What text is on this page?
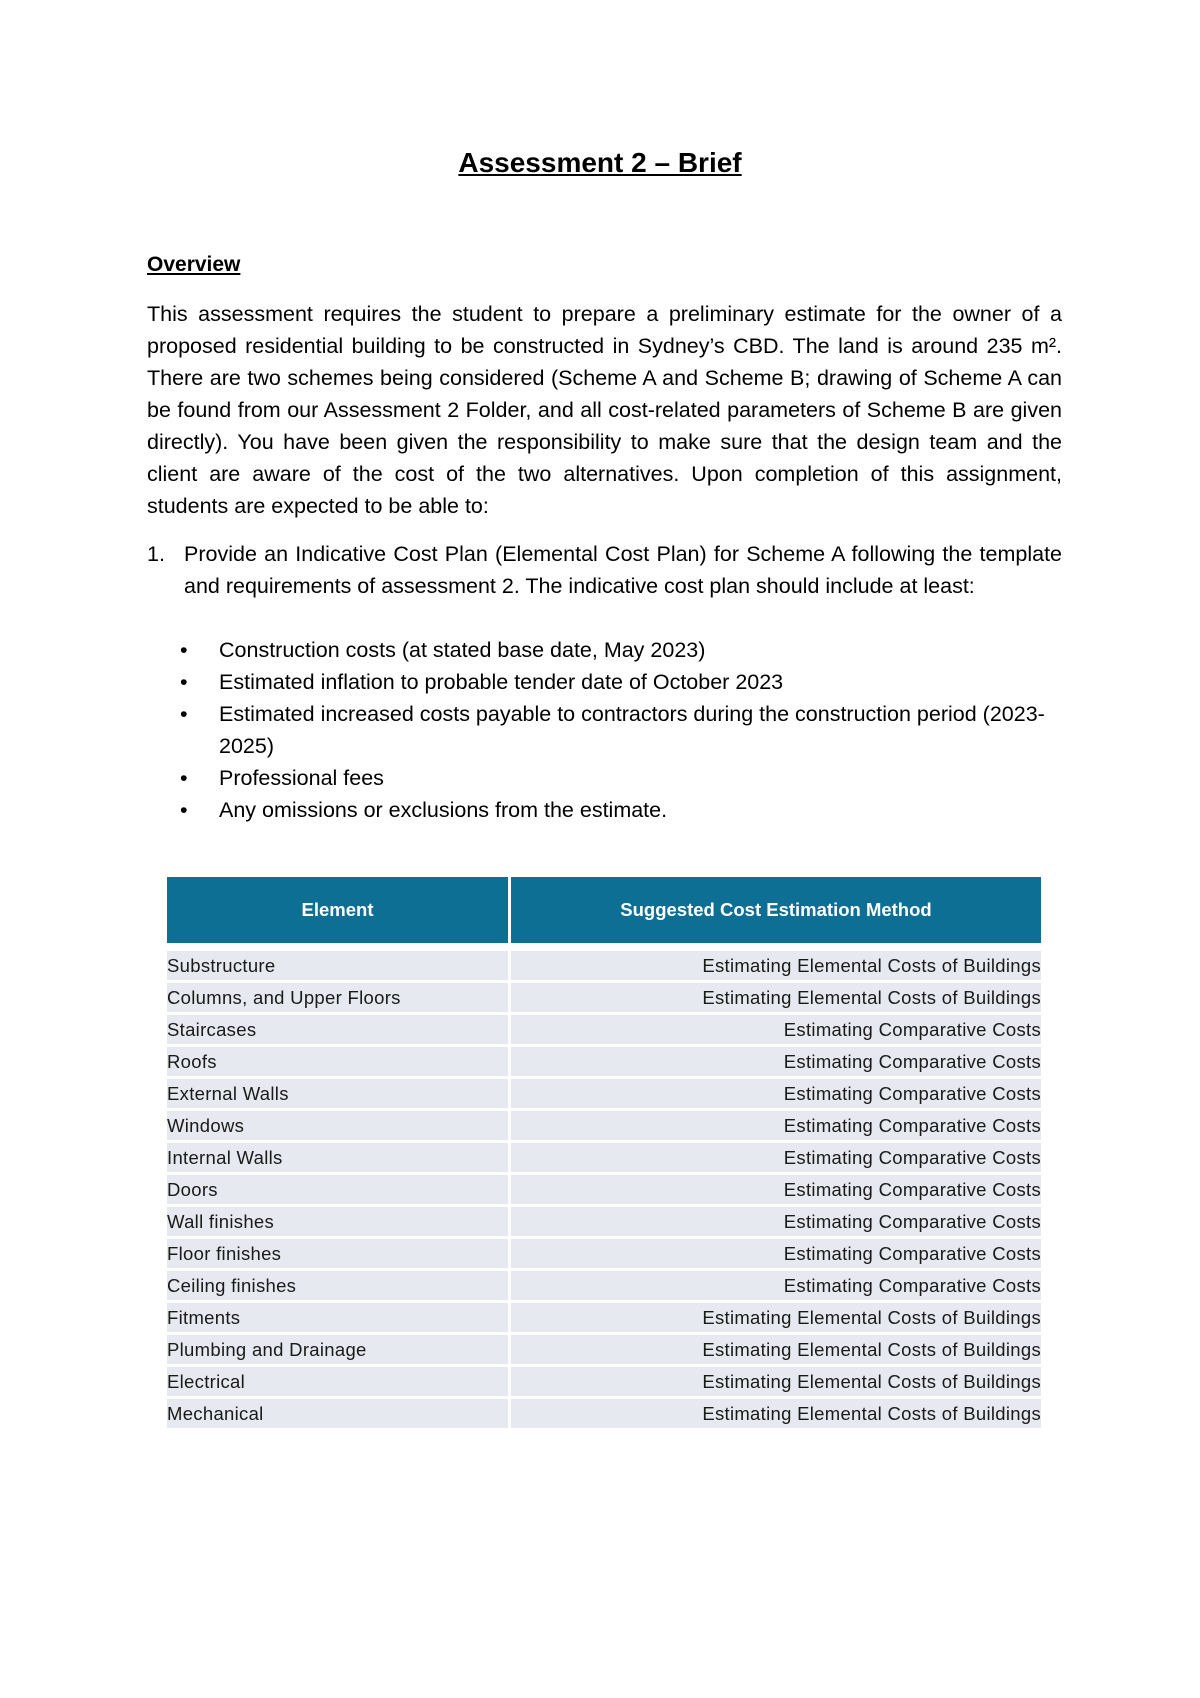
Assessment 2 – Brief
Overview

This assessment requires the student to prepare a preliminary estimate for the owner of a proposed residential building to be constructed in Sydney’s CBD. The land is around 235 m². There are two schemes being considered (Scheme A and Scheme B; drawing of Scheme A can be found from our Assessment 2 Folder, and all cost-related parameters of Scheme B are given directly). You have been given the responsibility to make sure that the design team and the client are aware of the cost of the two alternatives. Upon completion of this assignment, students are expected to be able to:

1. Provide an Indicative Cost Plan (Elemental Cost Plan) for Scheme A following the template and requirements of assessment 2. The indicative cost plan should include at least:
• Construction costs (at stated base date, May 2023)
• Estimated inflation to probable tender date of October 2023
• Estimated increased costs payable to contractors during the construction period (2023-2025)
• Professional fees
• Any omissions or exclusions from the estimate.
Element	Suggested Cost Estimation Method

Substructure	Estimating Elemental Costs of Buildings
Columns, and Upper Floors	Estimating Elemental Costs of Buildings
Staircases	Estimating Comparative Costs
Roofs	Estimating Comparative Costs
External Walls	Estimating Comparative Costs
Windows	Estimating Comparative Costs
Internal Walls	Estimating Comparative Costs
Doors	Estimating Comparative Costs
Wall finishes	Estimating Comparative Costs
Floor finishes	Estimating Comparative Costs
Ceiling finishes	Estimating Comparative Costs
Fitments	Estimating Elemental Costs of Buildings
Plumbing and Drainage	Estimating Elemental Costs of Buildings
Electrical	Estimating Elemental Costs of Buildings
Mechanical	Estimating Elemental Costs of Buildings
